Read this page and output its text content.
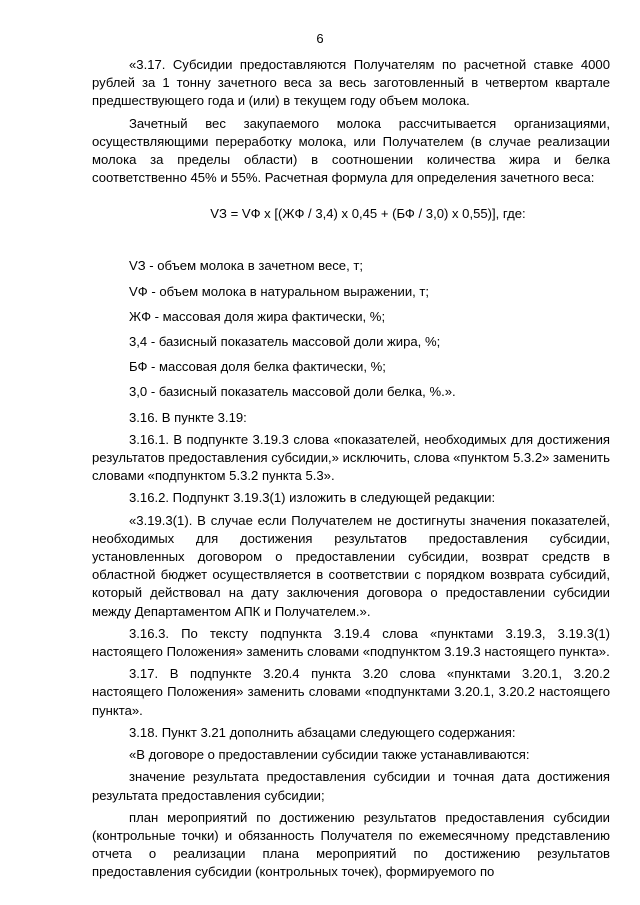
6

«3.17. Субсидии предоставляются Получателям по расчетной ставке 4000 рублей за 1 тонну зачетного веса за весь заготовленный в четвертом квартале предшествующего года и (или) в текущем году объем молока.

Зачетный вес закупаемого молока рассчитывается организациями, осуществляющими переработку молока, или Получателем (в случае реализации молока за пределы области) в соотношении количества жира и белка соответственно 45% и 55%. Расчетная формула для определения зачетного веса:

VЗ = VФ х [(ЖФ / 3,4) х 0,45 + (БФ / 3,0) х 0,55)], где:

VЗ - объем молока в зачетном весе, т;

VФ - объем молока в натуральном выражении, т;

ЖФ - массовая доля жира фактически, %;

3,4 - базисный показатель массовой доли жира, %;

БФ - массовая доля белка фактически, %;

3,0 - базисный показатель массовой доли белка, %.».

3.16. В пункте 3.19:

3.16.1. В подпункте 3.19.3 слова «показателей, необходимых для достижения результатов предоставления субсидии,» исключить, слова «пунктом 5.3.2» заменить словами «подпунктом 5.3.2 пункта 5.3».

3.16.2. Подпункт 3.19.3(1) изложить в следующей редакции:

«3.19.3(1). В случае если Получателем не достигнуты значения показателей, необходимых для достижения результатов предоставления субсидии, установленных договором о предоставлении субсидии, возврат средств в областной бюджет осуществляется в соответствии с порядком возврата субсидий, который действовал на дату заключения договора о предоставлении субсидии между Департаментом АПК и Получателем.».

3.16.3. По тексту подпункта 3.19.4 слова «пунктами 3.19.3, 3.19.3(1) настоящего Положения» заменить словами «подпунктом 3.19.3 настоящего пункта».

3.17. В подпункте 3.20.4 пункта 3.20 слова «пунктами 3.20.1, 3.20.2 настоящего Положения» заменить словами «подпунктами 3.20.1, 3.20.2 настоящего пункта».

3.18. Пункт 3.21 дополнить абзацами следующего содержания:

«В договоре о предоставлении субсидии также устанавливаются:

значение результата предоставления субсидии и точная дата достижения результата предоставления субсидии;

план мероприятий по достижению результатов предоставления субсидии (контрольные точки) и обязанность Получателя по ежемесячному представлению отчета о реализации плана мероприятий по достижению результатов предоставления субсидии (контрольных точек), формируемого по
